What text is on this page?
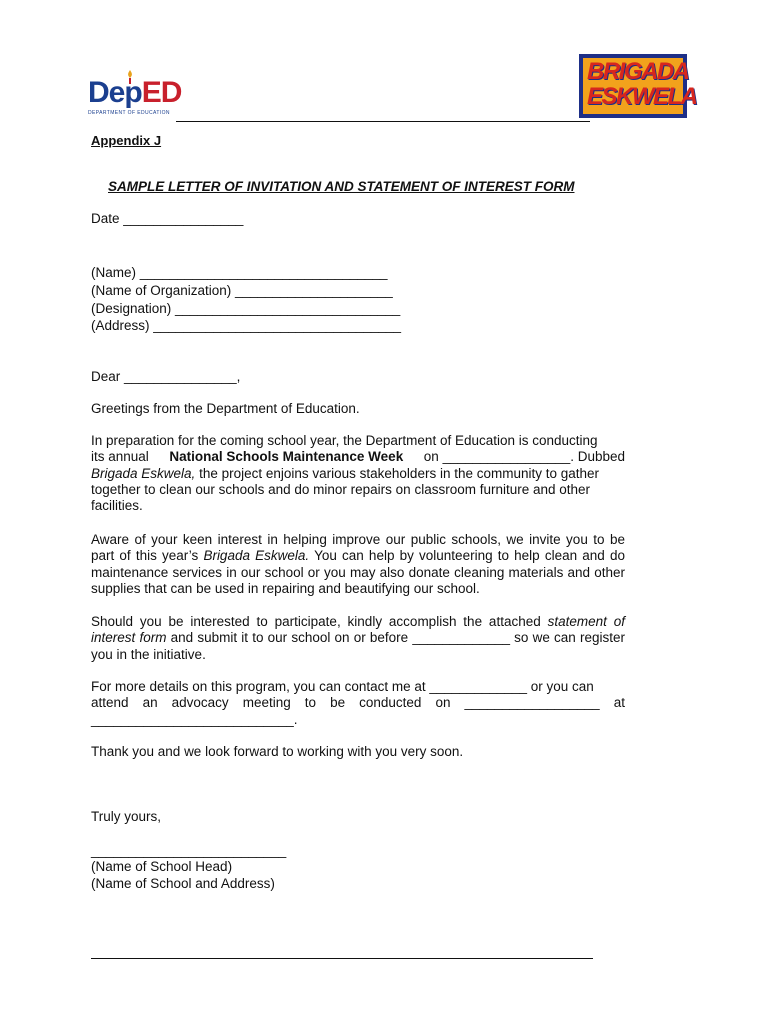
DepED
DEPARTMENT OF EDUCATION
BRIGADA
ESKWELA
Appendix J
SAMPLE LETTER OF INVITATION AND STATEMENT OF INTEREST FORM
Date ________________
(Name) _________________________________
(Name of Organization) _____________________
(Designation) ______________________________
(Address) _________________________________
Dear _______________,
Greetings from the Department of Education.
In preparation for the coming school year, the Department of Education is conducting
its annual National Schools Maintenance Week on _________________. Dubbed
Brigada Eskwela, the project enjoins various stakeholders in the community to gather
together to clean our schools and do minor repairs on classroom furniture and other
facilities.
Aware of your keen interest in helping improve our public schools, we invite you to be part of this year’s Brigada Eskwela. You can help by volunteering to help clean and do maintenance services in our school or you may also donate cleaning materials and other supplies that can be used in repairing and beautifying our school.
Should you be interested to participate, kindly accomplish the attached statement of interest form and submit it to our school on or before _____________ so we can register you in the initiative.
For more details on this program, you can contact me at _____________ or you can
attend an advocacy meeting to be conducted on __________________ at
___________________________.
Thank you and we look forward to working with you very soon.
Truly yours,
__________________________
(Name of School Head)
(Name of School and Address)
